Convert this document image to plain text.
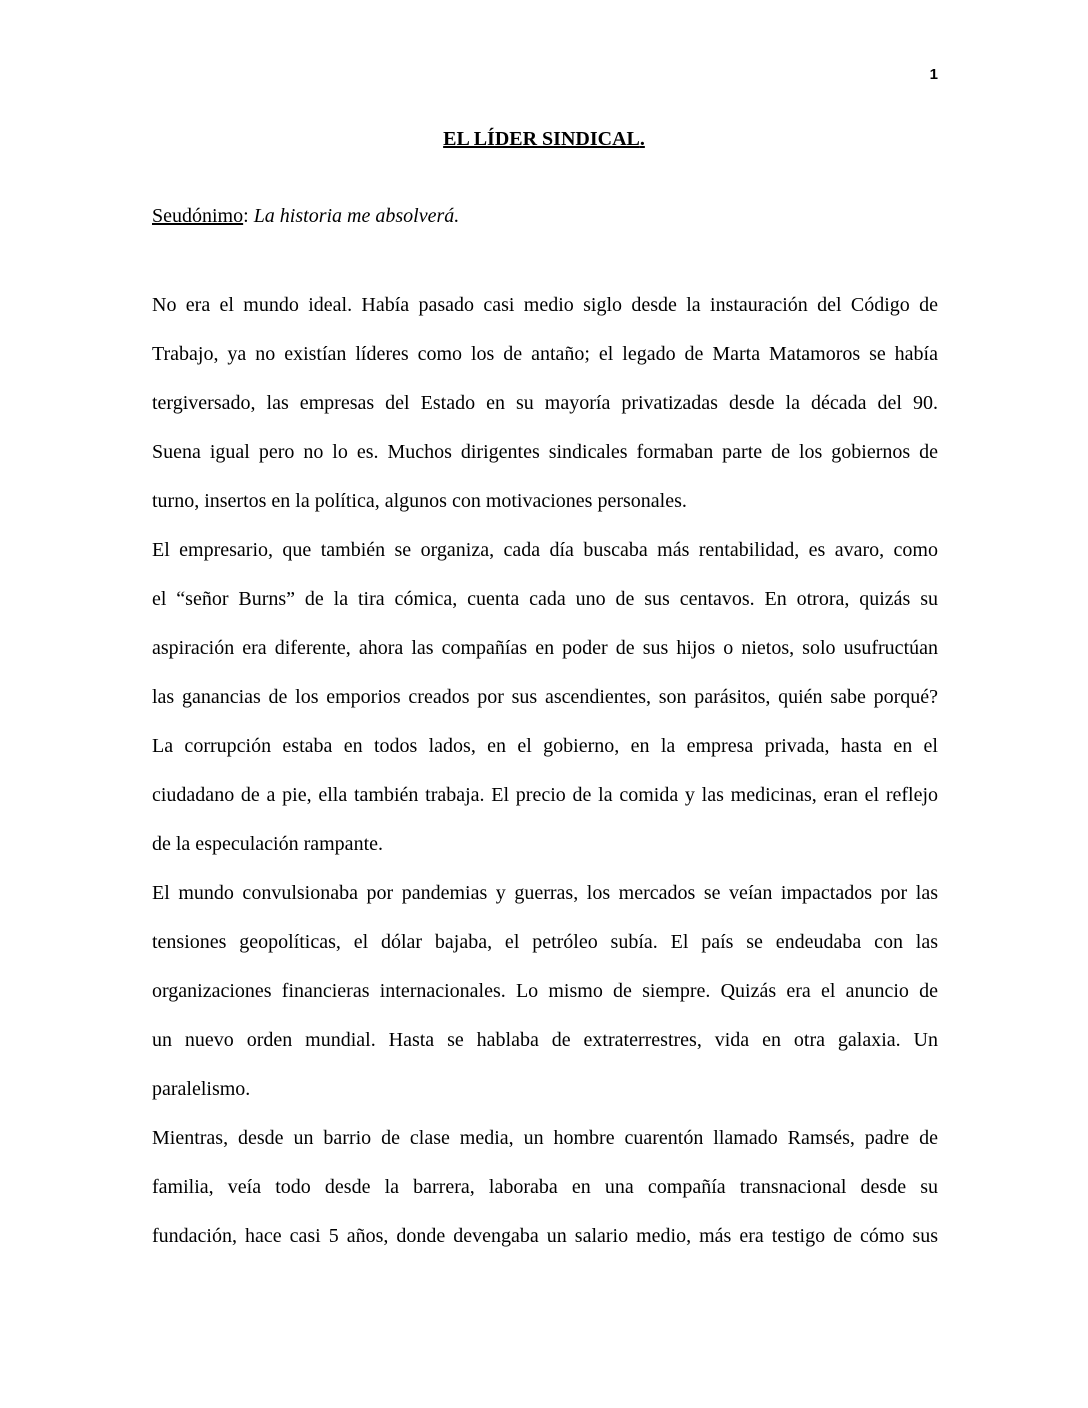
1
EL LÍDER SINDICAL.
Seudónimo: La historia me absolverá.
No era el mundo ideal. Había pasado casi medio siglo desde la instauración del Código de
Trabajo, ya no existían líderes como los de antaño; el legado de Marta Matamoros se había
tergiversado, las empresas del Estado en su mayoría privatizadas desde la década del 90.
Suena igual pero no lo es. Muchos dirigentes sindicales formaban parte de los gobiernos de
turno, insertos en la política, algunos con motivaciones personales.
El empresario, que también se organiza, cada día buscaba más rentabilidad, es avaro, como
el “señor Burns” de la tira cómica, cuenta cada uno de sus centavos. En otrora, quizás su
aspiración era diferente, ahora las compañías en poder de sus hijos o nietos, solo usufructúan
las ganancias de los emporios creados por sus ascendientes, son parásitos, quién sabe porqué?
La corrupción estaba en todos lados, en el gobierno, en la empresa privada, hasta en el
ciudadano de a pie, ella también trabaja. El precio de la comida y las medicinas, eran el reflejo
de la especulación rampante.
El mundo convulsionaba por pandemias y guerras, los mercados se veían impactados por las
tensiones geopolíticas, el dólar bajaba, el petróleo subía. El país se endeudaba con las
organizaciones financieras internacionales. Lo mismo de siempre. Quizás era el anuncio de
un nuevo orden mundial. Hasta se hablaba de extraterrestres, vida en otra galaxia. Un
paralelismo.
Mientras, desde un barrio de clase media, un hombre cuarentón llamado Ramsés, padre de
familia, veía todo desde la barrera, laboraba en una compañía transnacional desde su
fundación, hace casi 5 años, donde devengaba un salario medio, más era testigo de cómo sus
